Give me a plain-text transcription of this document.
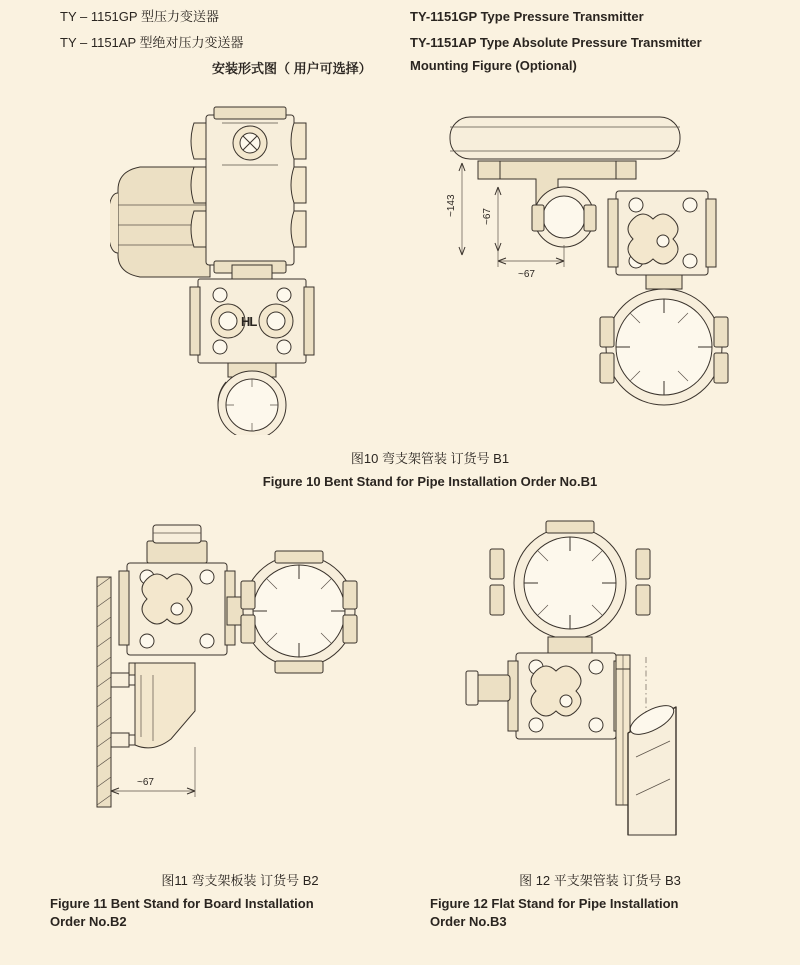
TY – 1151GP 型压力变送器
TY – 1151AP 型绝对压力变送器
TY-1151GP Type Pressure Transmitter
TY-1151AP Type Absolute Pressure Transmitter
安装形式图（ 用户可选择）	Mounting Figure (Optional)
HL
~143	~67
~67
图10 弯支架管装 订货号 B1
Figure 10 Bent Stand for Pipe Installation Order No.B1
~67
图11 弯支架板装 订货号 B2
Figure 11 Bent Stand for Board Installation
Order No.B2
图 12 平支架管装 订货号 B3
Figure 12 Flat Stand for Pipe Installation
Order No.B3
